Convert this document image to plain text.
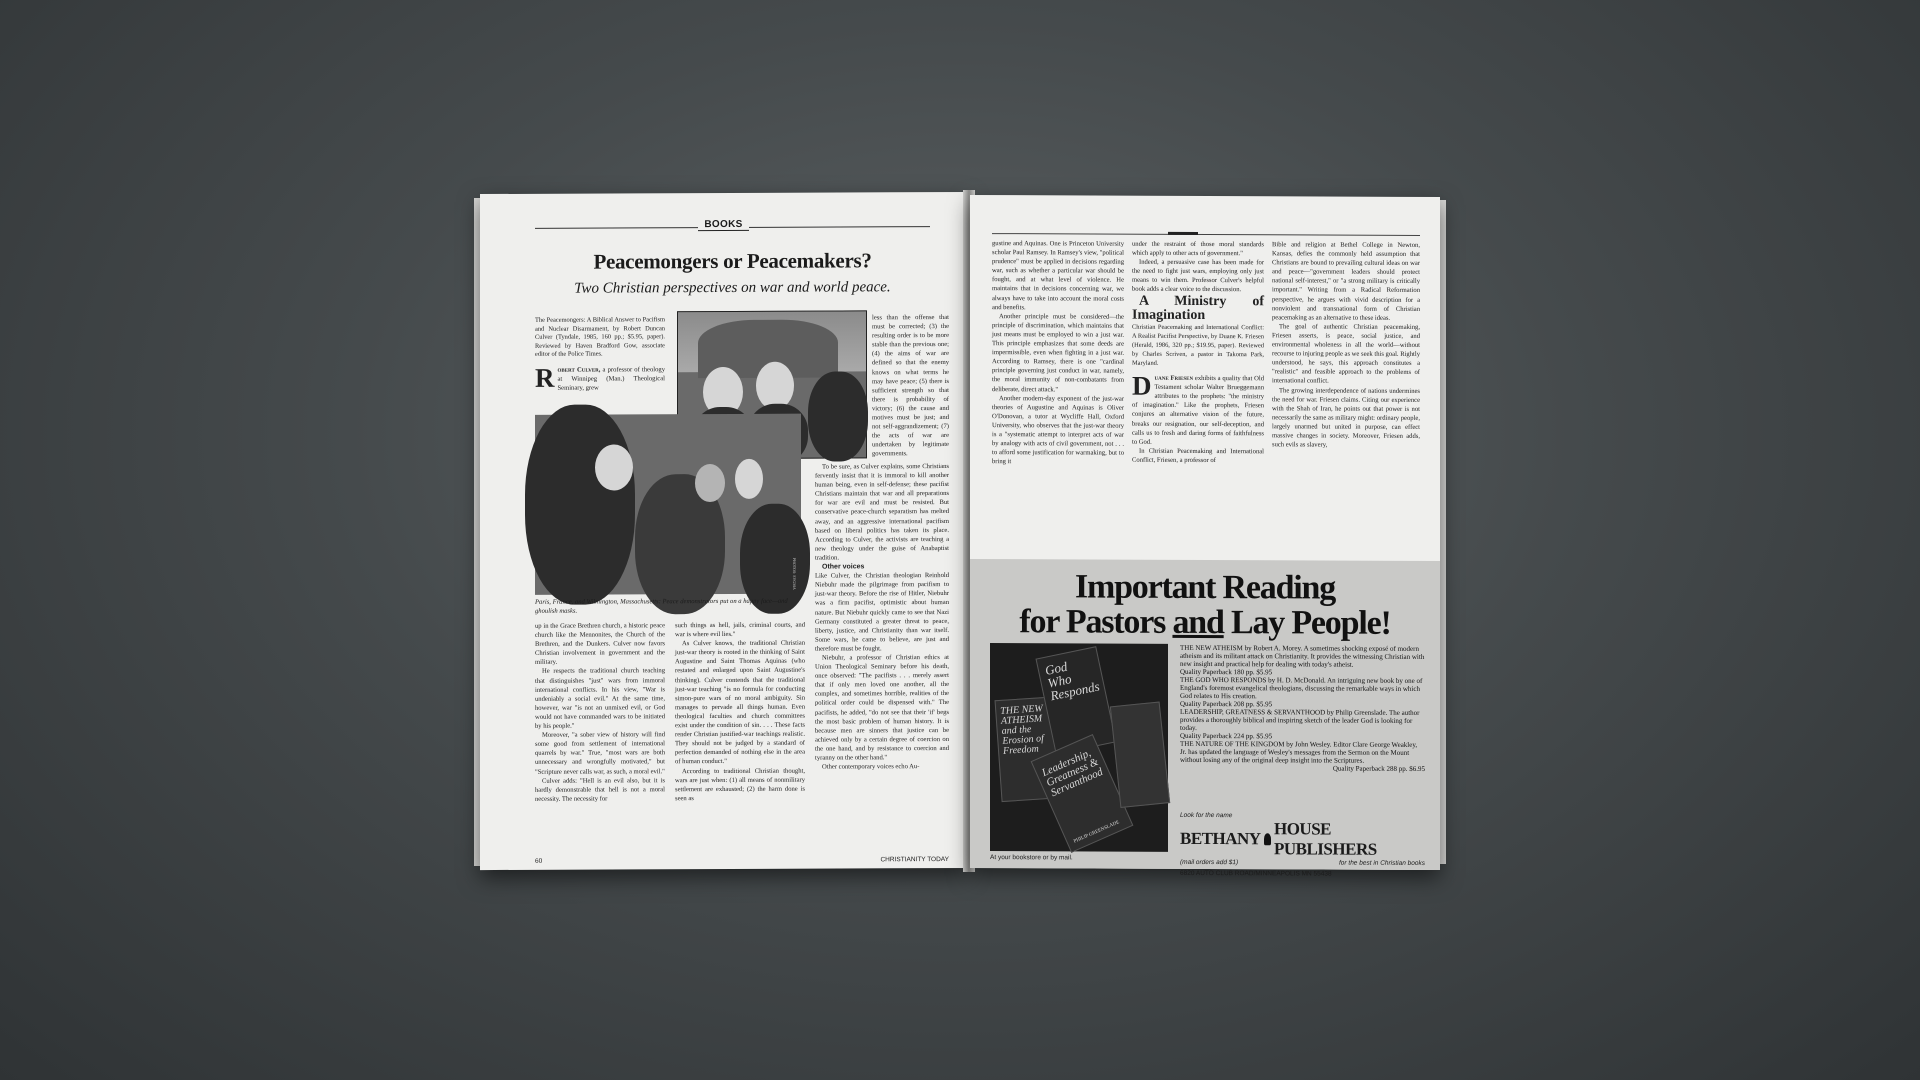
BOOKS
Peacemongers or Peacemakers?
Two Christian perspectives on war and world peace.

The Peacemongers: A Biblical Answer to Pacifism and Nuclear Disarmament, by Robert Duncan Culver (Tyndale, 1985, 160 pp.; $5.95, paper). Reviewed by Haven Bradford Gow, associate editor of the Police Times.

Robert Culver, a professor of theology at Winnipeg (Man.) Theological Seminary, grew

less than the offense that must be corrected; (3) the resulting order is to be more stable than the previous one; (4) the aims of war are defined so that the enemy knows on what terms he may have peace; (5) there is sufficient strength so that there is probability of victory; (6) the cause and motives must be just; and not self-aggrandizement; (7) the acts of war are undertaken by legitimate governments.

PHOTOS: SYGMA

To be sure, as Culver explains, some Christians fervently insist that it is immoral to kill another human being, even in self-defense; these pacifist Christians maintain that war and all preparations for war are evil and must be resisted. But conservative peace-church separatism has melted away, and an aggressive international pacifism based on liberal politics has taken its place. According to Culver, the activists are teaching a new theology under the guise of Anabaptist tradition.

Other voices

Like Culver, the Christian theologian Reinhold Niebuhr made the pilgrimage from pacifism to just-war theory. Before the rise of Hitler, Niebuhr was a firm pacifist, optimistic about human nature. But Niebuhr quickly came to see that Nazi Germany constituted a greater threat to peace, liberty, justice, and Christianity than war itself. Some wars, he came to believe, are just and therefore must be fought.

Niebuhr, a professor of Christian ethics at Union Theological Seminary before his death, once observed: "The pacifists . . . merely assert that if only men loved one another, all the complex, and sometimes horrible, realities of the political order could be dispensed with." The pacifists, he added, "do not see that their 'if' begs the most basic problem of human history. It is because men are sinners that justice can be achieved only by a certain degree of coercion on the one hand, and by resistance to coercion and tyranny on the other hand."

Other contemporary voices echo Au-

Paris, France, and Wilmington, Massachusetts: Peace demonstrators put on a happy face—and ghoulish masks.

up in the Grace Brethren church, a historic peace church like the Mennonites, the Church of the Brethren, and the Dunkers. Culver now favors Christian involvement in government and the military.

He respects the traditional church teaching that distinguishes "just" wars from immoral international conflicts. In his view, "War is undeniably a social evil." At the same time, however, war "is not an unmixed evil, or God would not have commanded wars to be initiated by his people."

Moreover, "a sober view of history will find some good from settlement of international quarrels by war." True, "most wars are both unnecessary and wrongfully motivated," but "Scripture never calls war, as such, a moral evil."

Culver adds: "Hell is an evil also, but it is hardly demonstrable that hell is not a moral necessity. The necessity for

such things as hell, jails, criminal courts, and war is where evil lies."

As Culver knows, the traditional Christian just-war theory is rooted in the thinking of Saint Augustine and Saint Thomas Aquinas (who restated and enlarged upon Saint Augustine's thinking). Culver contends that the traditional just-war teaching "is no formula for conducting simon-pure wars of no moral ambiguity. Sin manages to pervade all things human. Even theological faculties and church committees exist under the condition of sin. . . . These facts render Christian justified-war teachings realistic. They should not be judged by a standard of perfection demanded of nothing else in the area of human conduct."

According to traditional Christian thought, wars are just when: (1) all means of nonmilitary settlement are exhausted; (2) the harm done is seen as

60	CHRISTIANITY TODAY

gustine and Aquinas. One is Princeton University scholar Paul Ramsey. In Ramsey's view, "political prudence" must be applied in decisions regarding war, such as whether a particular war should be fought, and at what level of violence. He maintains that in decisions concerning war, we always have to take into account the moral costs and benefits.

Another principle must be considered—the principle of discrimination, which maintains that just means must be employed to win a just war. This principle emphasizes that some deeds are impermissible, even when fighting in a just war. According to Ramsey, there is one "cardinal principle governing just conduct in war, namely, the moral immunity of non-combatants from deliberate, direct attack."

Another modern-day exponent of the just-war theories of Augustine and Aquinas is Oliver O'Donovan, a tutor at Wycliffe Hall, Oxford University, who observes that the just-war theory is a "systematic attempt to interpret acts of war by analogy with acts of civil government, not . . . to afford some justification for warmaking, but to bring it

under the restraint of those moral standards which apply to other acts of government."

Indeed, a persuasive case has been made for the need to fight just wars, employing only just means to win them. Professor Culver's helpful book adds a clear voice to the discussion.

A Ministry of Imagination

Christian Peacemaking and International Conflict: A Realist Pacifist Perspective, by Duane K. Friesen (Herald, 1986, 320 pp.; $19.95, paper). Reviewed by Charles Scriven, a pastor in Takoma Park, Maryland.

Duane Friesen exhibits a quality that Old Testament scholar Walter Brueggemann attributes to the prophets: "the ministry of imagination." Like the prophets, Friesen conjures an alternative vision of the future, breaks our resignation, our self-deception, and calls us to fresh and daring forms of faithfulness to God.

In Christian Peacemaking and International Conflict, Friesen, a professor of

Bible and religion at Bethel College in Newton, Kansas, defies the commonly held assumption that Christians are bound to prevailing cultural ideas on war and peace—"government leaders should protect national self-interest," or "a strong military is critically important." Writing from a Radical Reformation perspective, he argues with vivid description for a nonviolent and transnational form of Christian peacemaking as an alternative to these ideas.

The goal of authentic Christian peacemaking, Friesen asserts, is peace, social justice, and environmental wholeness in all the world—without recourse to injuring people as we seek this goal. Rightly understood, he says, this approach constitutes a "realistic" and feasible approach to the problems of international conflict.

The growing interdependence of nations undermines the need for war. Friesen claims. Citing our experience with the Shah of Iran, he points out that power is not necessarily the same as military might: ordinary people, largely unarmed but united in purpose, can effect massive changes in society. Moreover, Friesen adds, such evils as slavery,

Important Reading
for Pastors and Lay People!
THE NEW ATHEISM and the Erosion of Freedom
God Who Responds
Leadership, Greatness & Servanthood
PHILIP GREENSLADE

THE NEW ATHEISM by Robert A. Morey. A sometimes shocking exposé of modern atheism and its militant attack on Christianity. It provides the witnessing Christian with new insight and practical help for dealing with today's atheist.

Quality Paperback 180 pp. $5.95

THE GOD WHO RESPONDS by H. D. McDonald. An intriguing new book by one of England's foremost evangelical theologians, discussing the remarkable ways in which God relates to His creation.

Quality Paperback 208 pp. $5.95

LEADERSHIP, GREATNESS & SERVANTHOOD by Philip Greenslade. The author provides a thoroughly biblical and inspiring sketch of the leader God is looking for today.

Quality Paperback 224 pp. $5.95

THE NATURE OF THE KINGDOM by John Wesley. Editor Clare George Weakley, Jr. has updated the language of Wesley's messages from the Sermon on the Mount without losing any of the original deep insight into the Scriptures.

Quality Paperback 288 pp. $6.95

Look for the name
BETHANY HOUSE PUBLISHERS
(mail orders add $1)	for the best in Christian books
6820 AUTO CLUB ROAD/MINNEAPOLIS MN 55438
At your bookstore or by mail.
